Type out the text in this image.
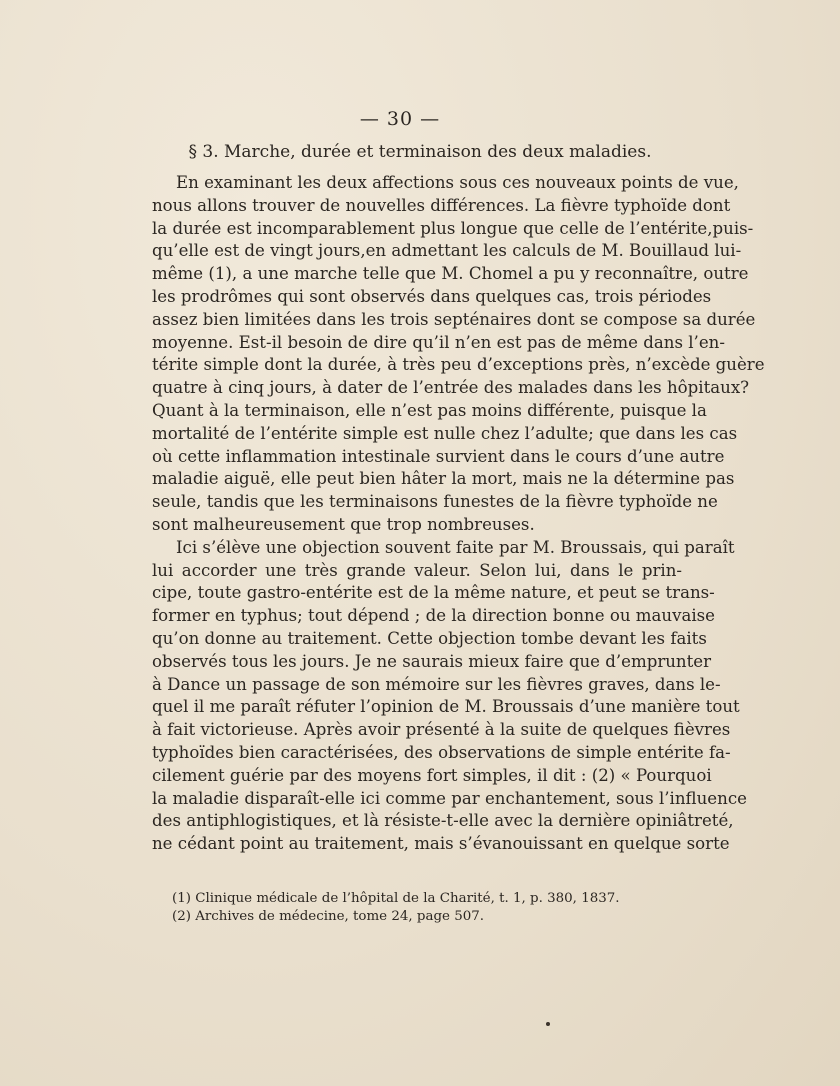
— 30 —
§ 3. Marche, durée et terminaison des deux maladies.
En examinant les deux affections sous ces nouveaux points de vue,
nous allons trouver de nouvelles différences. La fièvre typhoïde dont
la durée est incomparablement plus longue que celle de l’entérite,puis-
qu’elle est de vingt jours,en admettant les calculs de M. Bouillaud lui-
même (1), a une marche telle que M. Chomel a pu y reconnaître, outre
les prodrômes qui sont observés dans quelques cas, trois périodes
assez bien limitées dans les trois septénaires dont se compose sa durée
moyenne. Est-il besoin de dire qu’il n’en est pas de même dans l’en-
térite simple dont la durée, à très peu d’exceptions près, n’excède guère
quatre à cinq jours, à dater de l’entrée des malades dans les hôpitaux?
Quant à la terminaison, elle n’est pas moins différente, puisque la
mortalité de l’entérite simple est nulle chez l’adulte; que dans les cas
où cette inflammation intestinale survient dans le cours d’une autre
maladie aiguë, elle peut bien hâter la mort, mais ne la détermine pas
seule, tandis que les terminaisons funestes de la fièvre typhoïde ne
sont malheureusement que trop nombreuses.
Ici s’élève une objection souvent faite par M. Broussais, qui paraît
lui accorder une très grande valeur. Selon lui, dans le prin-
cipe, toute gastro-entérite est de la même nature, et peut se trans-
former en typhus; tout dépend ; de la direction bonne ou mauvaise
qu’on donne au traitement. Cette objection tombe devant les faits
observés tous les jours. Je ne saurais mieux faire que d’emprunter
à Dance un passage de son mémoire sur les fièvres graves, dans le-
quel il me paraît réfuter l’opinion de M. Broussais d’une manière tout
à fait victorieuse. Après avoir présenté à la suite de quelques fièvres
typhoïdes bien caractérisées, des observations de simple entérite fa-
cilement guérie par des moyens fort simples, il dit : (2) « Pourquoi
la maladie disparaît-elle ici comme par enchantement, sous l’influence
des antiphlogistiques, et là résiste-t-elle avec la dernière opiniâtreté,
ne cédant point au traitement, mais s’évanouissant en quelque sorte
(1) Clinique médicale de l’hôpital de la Charité, t. 1, p. 380, 1837.
(2) Archives de médecine, tome 24, page 507.
